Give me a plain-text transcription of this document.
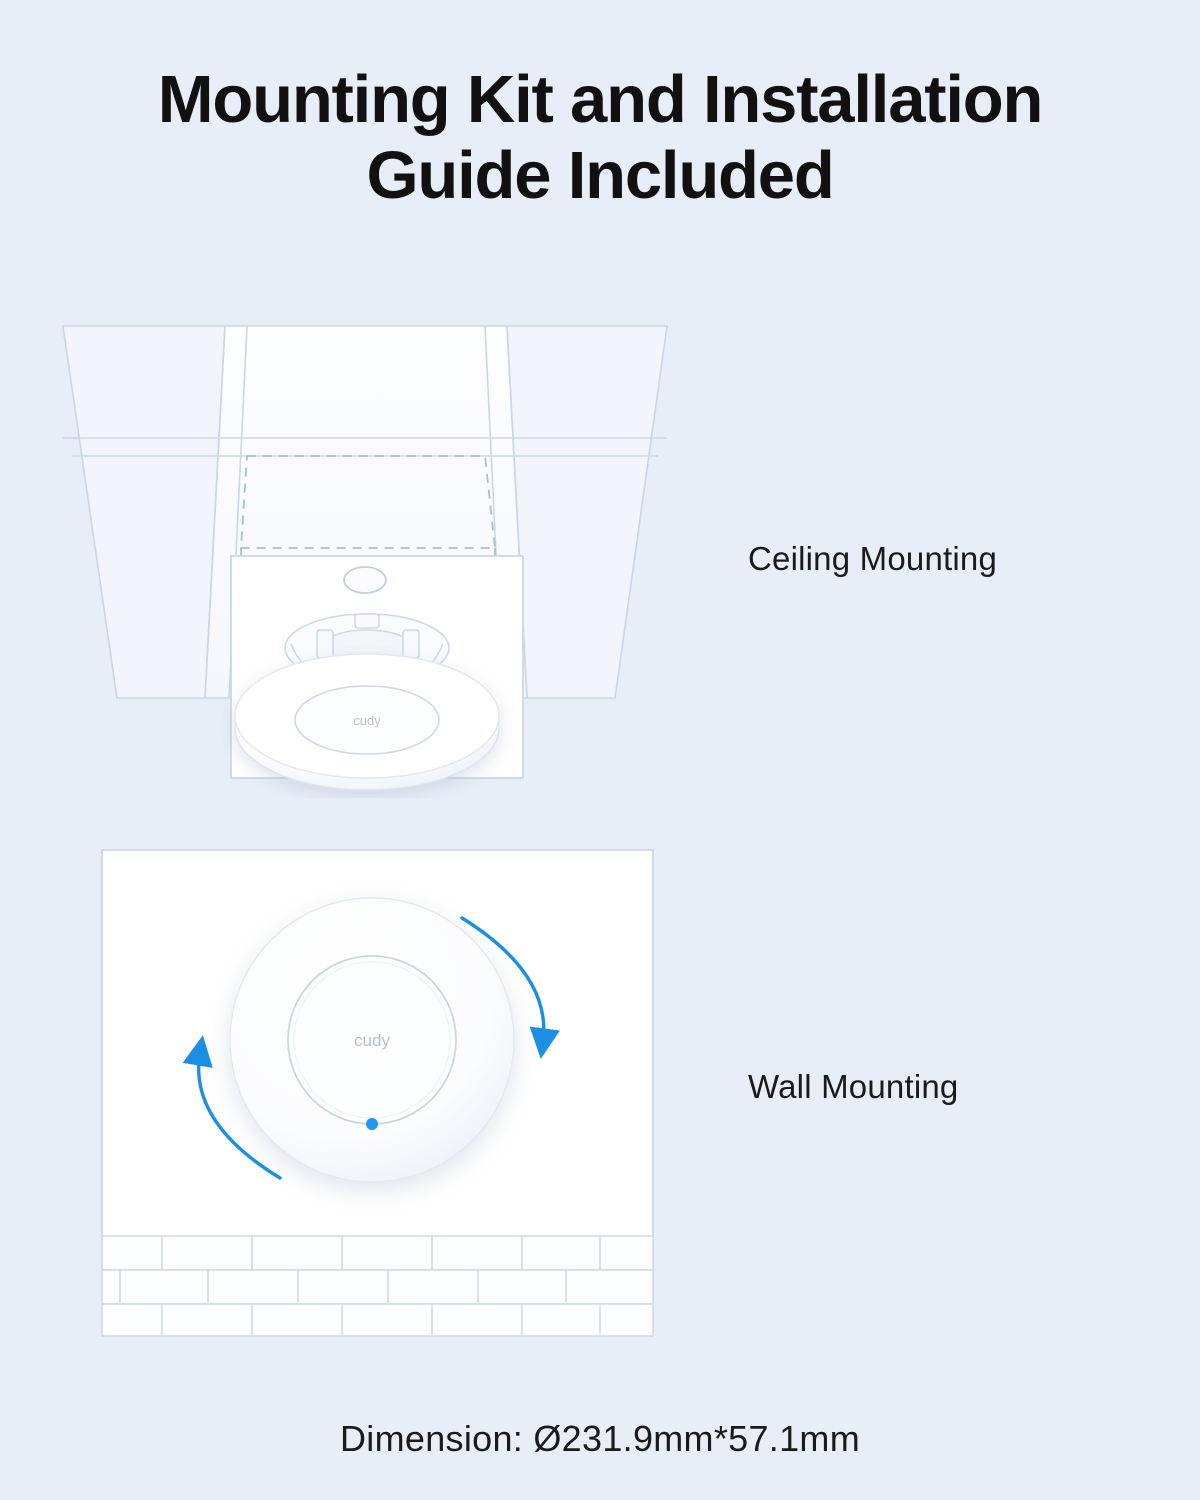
Mounting Kit and Installation
Guide Included
cudy
cudy
Ceiling Mounting
Wall Mounting
Dimension: Ø231.9mm*57.1mm
